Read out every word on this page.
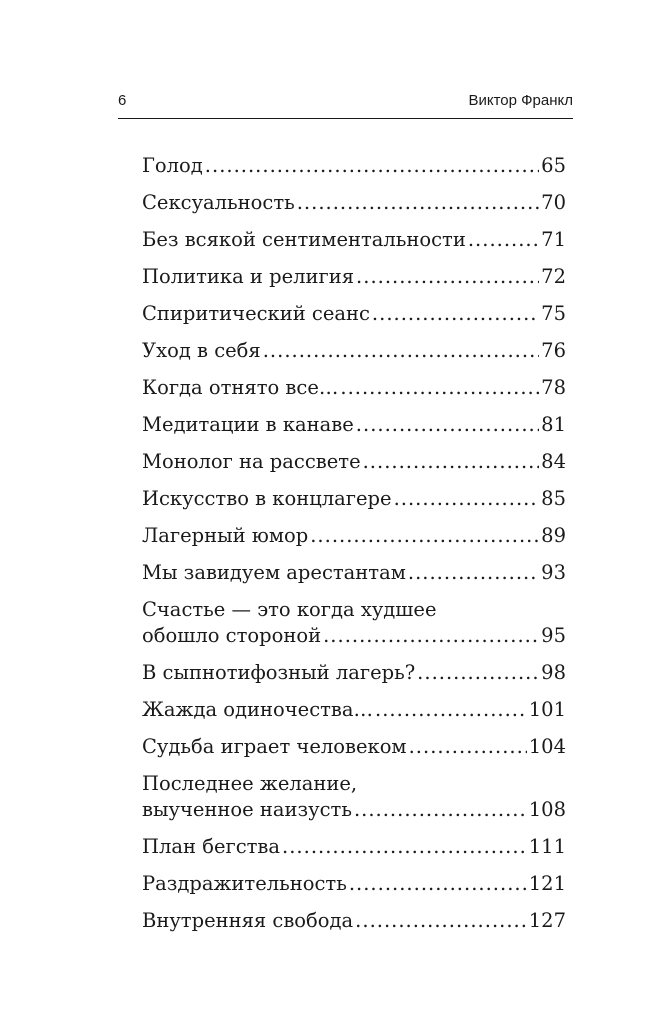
6	Виктор Франкл
Голод .....	65
Сексуальность .....	70
Без всякой сентиментальности .....	71
Политика и религия .....	72
Спиритический сеанс .....	75
Уход в себя .....	76
Когда отнято все… .....	78
Медитации в канаве .....	81
Монолог на рассвете .....	84
Искусство в концлагере .....	85
Лагерный юмор .....	89
Мы завидуем арестантам .....	93
Счастье — это когда худшее
обошло стороной .....	95
В сыпнотифозный лагерь? .....	98
Жажда одиночества… .....	101
Судьба играет человеком .....	104
Последнее желание,
выученное наизусть .....	108
План бегства .....	111
Раздражительность .....	121
Внутренняя свобода .....	127
